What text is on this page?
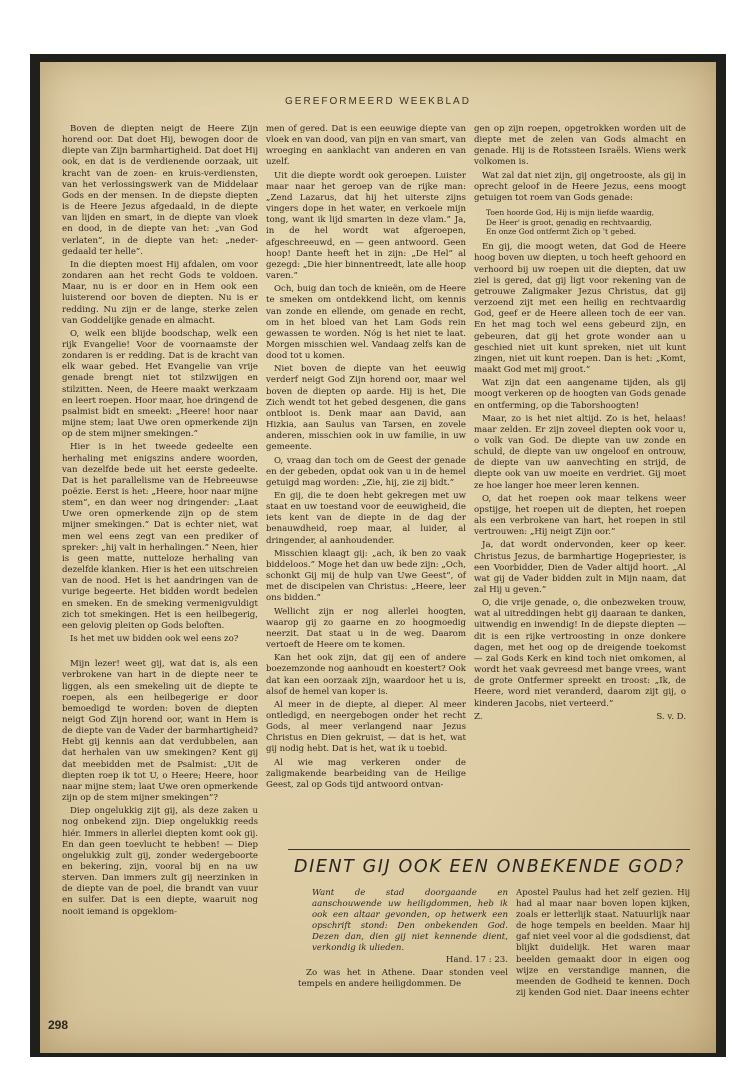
GEREFORMEERD WEEKBLAD

Boven de diepten neigt de Heere Zijn horend oor. Dat doet Hij, bewogen door de diepte van Zijn barmhartigheid. Dat doet Hij ook, en dat is de verdienende oorzaak, uit kracht van de zoen- en kruis-verdiensten, van het verlossingswerk van de Middelaar Gods en der mensen. In de diepste diepten is de Heere Jezus afgedaald, in de diepte van lijden en smart, in de diepte van vloek en dood, in de diepte van het: „van God verlaten”, in de diepte van het: „nedergedaald ter helle”.

In die diepten moest Hij afdalen, om voor zondaren aan het recht Gods te voldoen. Maar, nu is er door en in Hem ook een luisterend oor boven de diepten. Nu is er redding. Nu zijn er de lange, sterke zelen van Goddelijke genade en almacht.

O, welk een blijde boodschap, welk een rijk Evangelie! Voor de voornaamste der zondaren is er redding. Dat is de kracht van elk waar gebed. Het Evangelie van vrije genade brengt niet tot stilzwijgen en stilzitten. Neen, de Heere maakt werkzaam en leert roepen. Hoor maar, hoe dringend de psalmist bidt en smeekt: „Heere! hoor naar mijne stem; laat Uwe oren opmerkende zijn op de stem mijner smekingen.”

Hier is in het tweede gedeelte een herhaling met enigszins andere woorden, van dezelfde bede uit het eerste gedeelte. Dat is het parallelisme van de Hebreeuwse poëzie. Eerst is het: „Heere, hoor naar mijne stem”, en dan weer nog dringender: „Laat Uwe oren opmerkende zijn op de stem mijner smekingen.” Dat is echter niet, wat men wel eens zegt van een prediker of spreker: „hij valt in herhalingen.” Neen, hier is geen matte, nutteloze herhaling van dezelfde klanken. Hier is het een uitschreien van de nood. Het is het aandringen van de vurige begeerte. Het bidden wordt bedelen en smeken. En de smeking vermenigvuldigt zich tot smekingen. Het is een heilbegerig, een gelovig pleiten op Gods beloften.

Is het met uw bidden ook wel eens zo?

Mijn lezer! weet gij, wat dat is, als een verbrokene van hart in de diepte neer te liggen, als een smekeling uit de diepte te roepen, als een heilbegerige er door bemoedigd te worden: boven de diepten neigt God Zijn horend oor, want in Hem is de diepte van de Vader der barmhartigheid? Hebt gij kennis aan dat verdubbelen, aan dat herhalen van uw smekingen? Kent gij dat meebidden met de Psalmist: „Uit de diepten roep ik tot U, o Heere; Heere, hoor naar mijne stem; laat Uwe oren opmerkende zijn op de stem mijner smekingen”?

Diep ongelukkig zijt gij, als deze zaken u nog onbekend zijn. Diep ongelukkig reeds hiér. Immers in allerlei diepten komt ook gij. En dan geen toevlucht te hebben! — Diep ongelukkig zult gij, zonder wedergeboorte en bekering, zijn, vooral bij en na uw sterven. Dan immers zult gij neerzinken in de diepte van de poel, die brandt van vuur en sulfer. Dat is een diepte, waaruit nog nooit iemand is opgeklom-

men of gered. Dat is een eeuwige diepte van vloek en van dood, van pijn en van smart, van wroeging en aanklacht van anderen en van uzelf.

Uit die diepte wordt ook geroepen. Luister maar naar het geroep van de rijke man: „Zend Lazarus, dat hij het uiterste zijns vingers dope in het water, en verkoele mijn tong, want ik lijd smarten in deze vlam.” Ja, in de hel wordt wat afgeroepen, afgeschreeuwd, en — geen antwoord. Geen hoop! Dante heeft het in zijn: „De Hel” al gezegd: „Die hier binnentreedt, late alle hoop varen.”

Och, buig dan toch de knieën, om de Heere te smeken om ontdekkend licht, om kennis van zonde en ellende, om genade en recht, om in het bloed van het Lam Gods rein gewassen te worden. Nóg is het niet te laat. Morgen misschien wel. Vandaag zelfs kan de dood tot u komen.

Niet boven de diepte van het eeuwig verderf neigt God Zijn horend oor, maar wel boven de diepten op aarde. Hij is het, Die Zich wendt tot het gebed desgenen, die gans ontbloot is. Denk maar aan David, aan Hizkia, aan Saulus van Tarsen, en zovele anderen, misschien ook in uw familie, in uw gemeente.

O, vraag dan toch om de Geest der genade en der gebeden, opdat ook van u in de hemel getuigd mag worden: „Zie, hij, zie zij bidt.”

En gij, die te doen hebt gekregen met uw staat en uw toestand voor de eeuwigheid, die iets kent van de diepte in de dag der benauwdheid, roep maar, al luider, al dringender, al aanhoudender.

Misschien klaagt gij: „ach, ik ben zo vaak biddeloos.” Moge het dan uw bede zijn: „Och, schonkt Gij mij de hulp van Uwe Geest”, of met de discipelen van Christus: „Heere, leer ons bidden.”

Wellicht zijn er nog allerlei hoogten, waarop gij zo gaarne en zo hoogmoedig neerzit. Dat staat u in de weg. Daarom vertoeft de Heere om te komen.

Kan het ook zijn, dat gij een of andere boezemzonde nog aanhoudt en koestert? Ook dat kan een oorzaak zijn, waardoor het u is, alsof de hemel van koper is.

Al meer in de diepte, al dieper. Al meer ontledigd, en neergebogen onder het recht Gods, al meer verlangend naar Jezus Christus en Dien gekruist, — dat is het, wat gij nodig hebt. Dat is het, wat ik u toebid.

Al wie mag verkeren onder de zaligmakende bearbeiding van de Heilige Geest, zal op Gods tijd antwoord ontvan-

gen op zijn roepen, opgetrokken worden uit de diepte met de zelen van Gods almacht en genade. Hij is de Rotssteen Israëls. Wiens werk volkomen is.

Wat zal dat niet zijn, gij ongetrooste, als gij in oprecht geloof in de Heere Jezus, eens moogt getuigen tot roem van Gods genade:

Toen hoorde God, Hij is mijn liefde waardig,
De Heer' is groot, genadig en rechtvaardig,
En onze God ontfermt Zich op 't gebed.

En gij, die moogt weten, dat God de Heere hoog boven uw diepten, u toch heeft gehoord en verhoord bij uw roepen uit die diepten, dat uw ziel is gered, dat gij ligt voor rekening van de getrouwe Zaligmaker Jezus Christus, dat gij verzoend zijt met een heilig en rechtvaardig God, geef er de Heere alleen toch de eer van. En het mag toch wel eens gebeurd zijn, en gebeuren, dat gij het grote wonder aan u geschied niet uit kunt spreken, niet uit kunt zingen, niet uit kunt roepen. Dan is het: „Komt, maakt God met mij groot.”

Wat zijn dat een aangename tijden, als gij moogt verkeren op de hoogten van Gods genade en ontferming, op die Taborshoogten!

Maar, zo is het niet altijd. Zo is het, helaas! maar zelden. Er zijn zoveel diepten ook voor u, o volk van God. De diepte van uw zonde en schuld, de diepte van uw ongeloof en ontrouw, de diepte van uw aanvechting en strijd, de diepte ook van uw moeite en verdriet. Gij moet ze hoe langer hoe meer leren kennen.

O, dat het roepen ook maar telkens weer opstijge, het roepen uit de diepten, het roepen als een verbrokene van hart, het roepen in stil vertrouwen: „Hij neigt Zijn oor.”

Ja, dat wordt ondervonden, keer op keer. Christus Jezus, de barmhartige Hogepriester, is een Voorbidder, Dien de Vader altijd hoort. „Al wat gij de Vader bidden zult in Mijn naam, dat zal Hij u geven.”

O, die vrije genade, o, die onbezweken trouw, wat al uitreddingen hebt gij daaraan te danken, uitwendig en inwendig! In de diepste diepten — dit is een rijke vertroosting in onze donkere dagen, met het oog op de dreigende toekomst — zal Gods Kerk en kind toch niet omkomen, al wordt het vaak gevreesd met bange vrees, want de grote Ontfermer spreekt en troost: „Ik, de Heere, word niet veranderd, daarom zijt gij, o kinderen Jacobs, niet verteerd.”

Z.	S. v. D.

DIENT GIJ OOK EEN ONBEKENDE GOD?
Want de stad doorgaande en aanschouwende uw heiligdommen, heb ik ook een altaar gevonden, op hetwerk een opschrift stond: Den onbekenden God. Dezen dan, dien gij niet kennende dient, verkondig ik ulieden.
Hand. 17 : 23.
Zo was het in Athene. Daar stonden veel tempels en andere heiligdommen. De
Apostel Paulus had het zelf gezien. Hij had al maar naar boven lopen kijken, zoals er letterlijk staat. Natuurlijk naar de hoge tempels en beelden. Maar hij gaf niet veel voor al die godsdienst, dat blijkt duidelijk. Het waren maar beelden gemaakt door in eigen oog wijze en verstandige mannen, die meenden de Godheid te kennen. Doch zij kenden God niet. Daar ineens echter
298
